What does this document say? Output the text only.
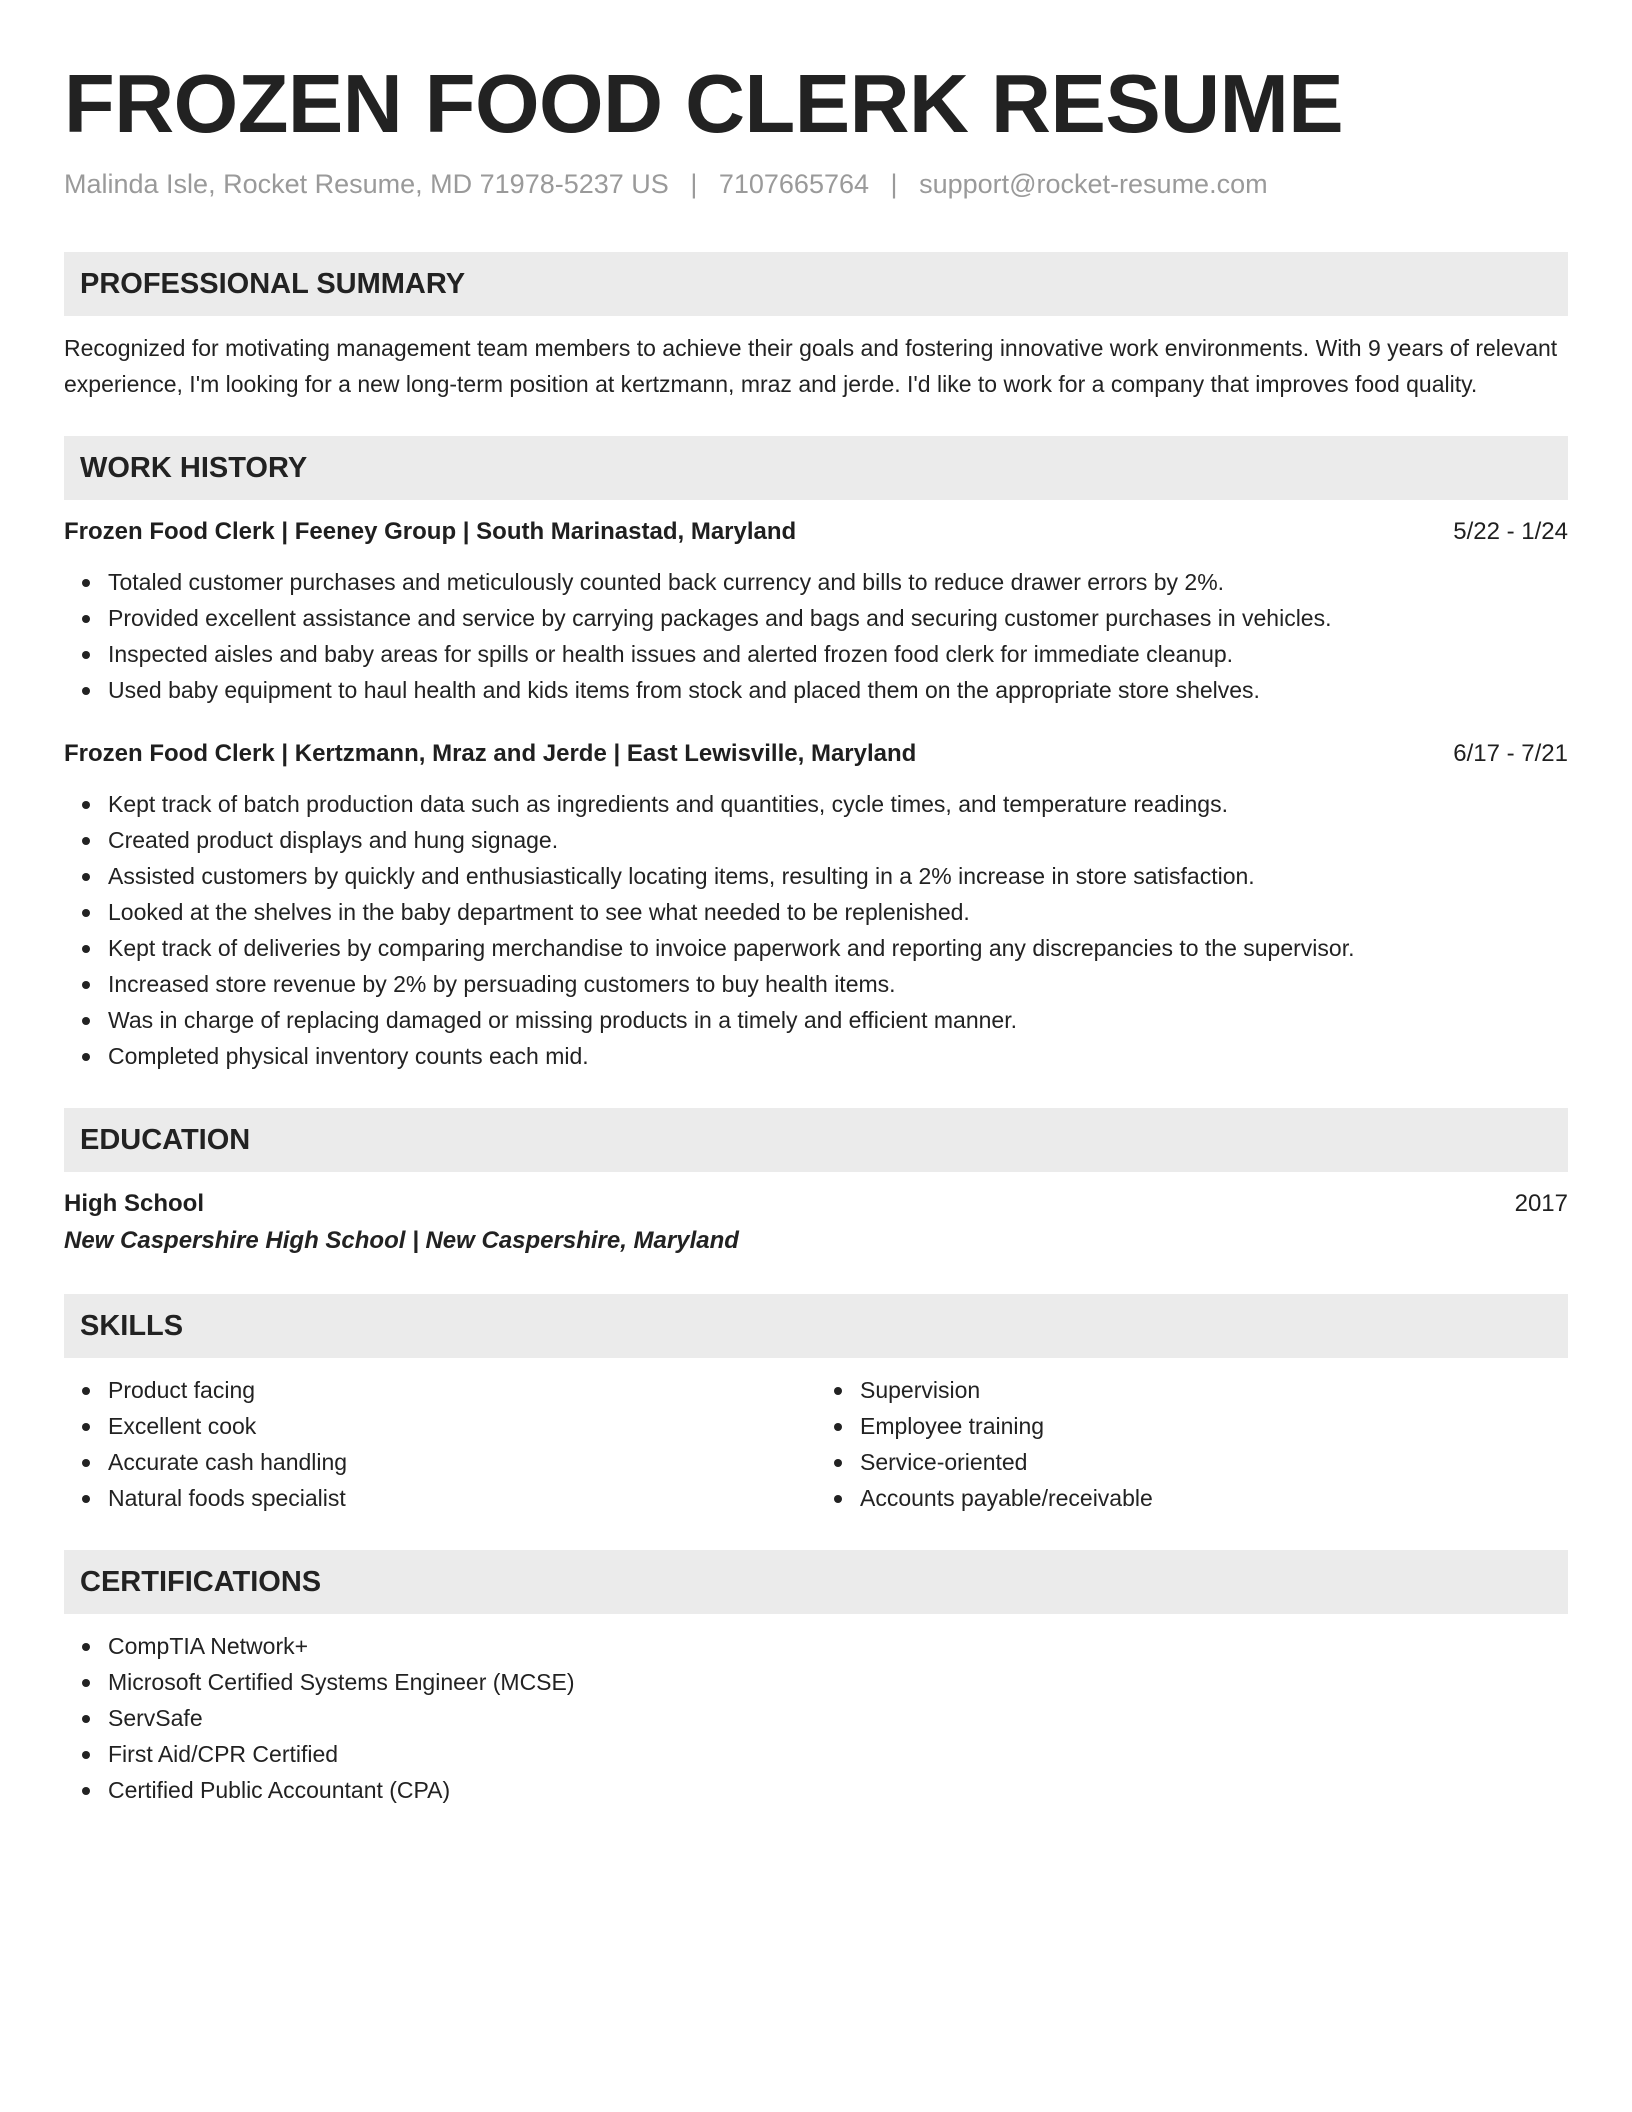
FROZEN FOOD CLERK RESUME
Malinda Isle, Rocket Resume, MD 71978-5237 US | 7107665764 | support@rocket-resume.com
PROFESSIONAL SUMMARY

Recognized for motivating management team members to achieve their goals and fostering innovative work environments. With 9 years of relevant experience, I'm looking for a new long-term position at kertzmann, mraz and jerde. I'd like to work for a company that improves food quality.

WORK HISTORY
Frozen Food Clerk | Feeney Group | South Marinastad, Maryland	5/22 - 1/24
Totaled customer purchases and meticulously counted back currency and bills to reduce drawer errors by 2%.
Provided excellent assistance and service by carrying packages and bags and securing customer purchases in vehicles.
Inspected aisles and baby areas for spills or health issues and alerted frozen food clerk for immediate cleanup.
Used baby equipment to haul health and kids items from stock and placed them on the appropriate store shelves.
Frozen Food Clerk | Kertzmann, Mraz and Jerde | East Lewisville, Maryland	6/17 - 7/21
Kept track of batch production data such as ingredients and quantities, cycle times, and temperature readings.
Created product displays and hung signage.
Assisted customers by quickly and enthusiastically locating items, resulting in a 2% increase in store satisfaction.
Looked at the shelves in the baby department to see what needed to be replenished.
Kept track of deliveries by comparing merchandise to invoice paperwork and reporting any discrepancies to the supervisor.
Increased store revenue by 2% by persuading customers to buy health items.
Was in charge of replacing damaged or missing products in a timely and efficient manner.
Completed physical inventory counts each mid.
EDUCATION
High School	2017
New Caspershire High School | New Caspershire, Maryland
SKILLS
Product facing
Excellent cook
Accurate cash handling
Natural foods specialist
Supervision
Employee training
Service-oriented
Accounts payable/receivable
CERTIFICATIONS
CompTIA Network+
Microsoft Certified Systems Engineer (MCSE)
ServSafe
First Aid/CPR Certified
Certified Public Accountant (CPA)
